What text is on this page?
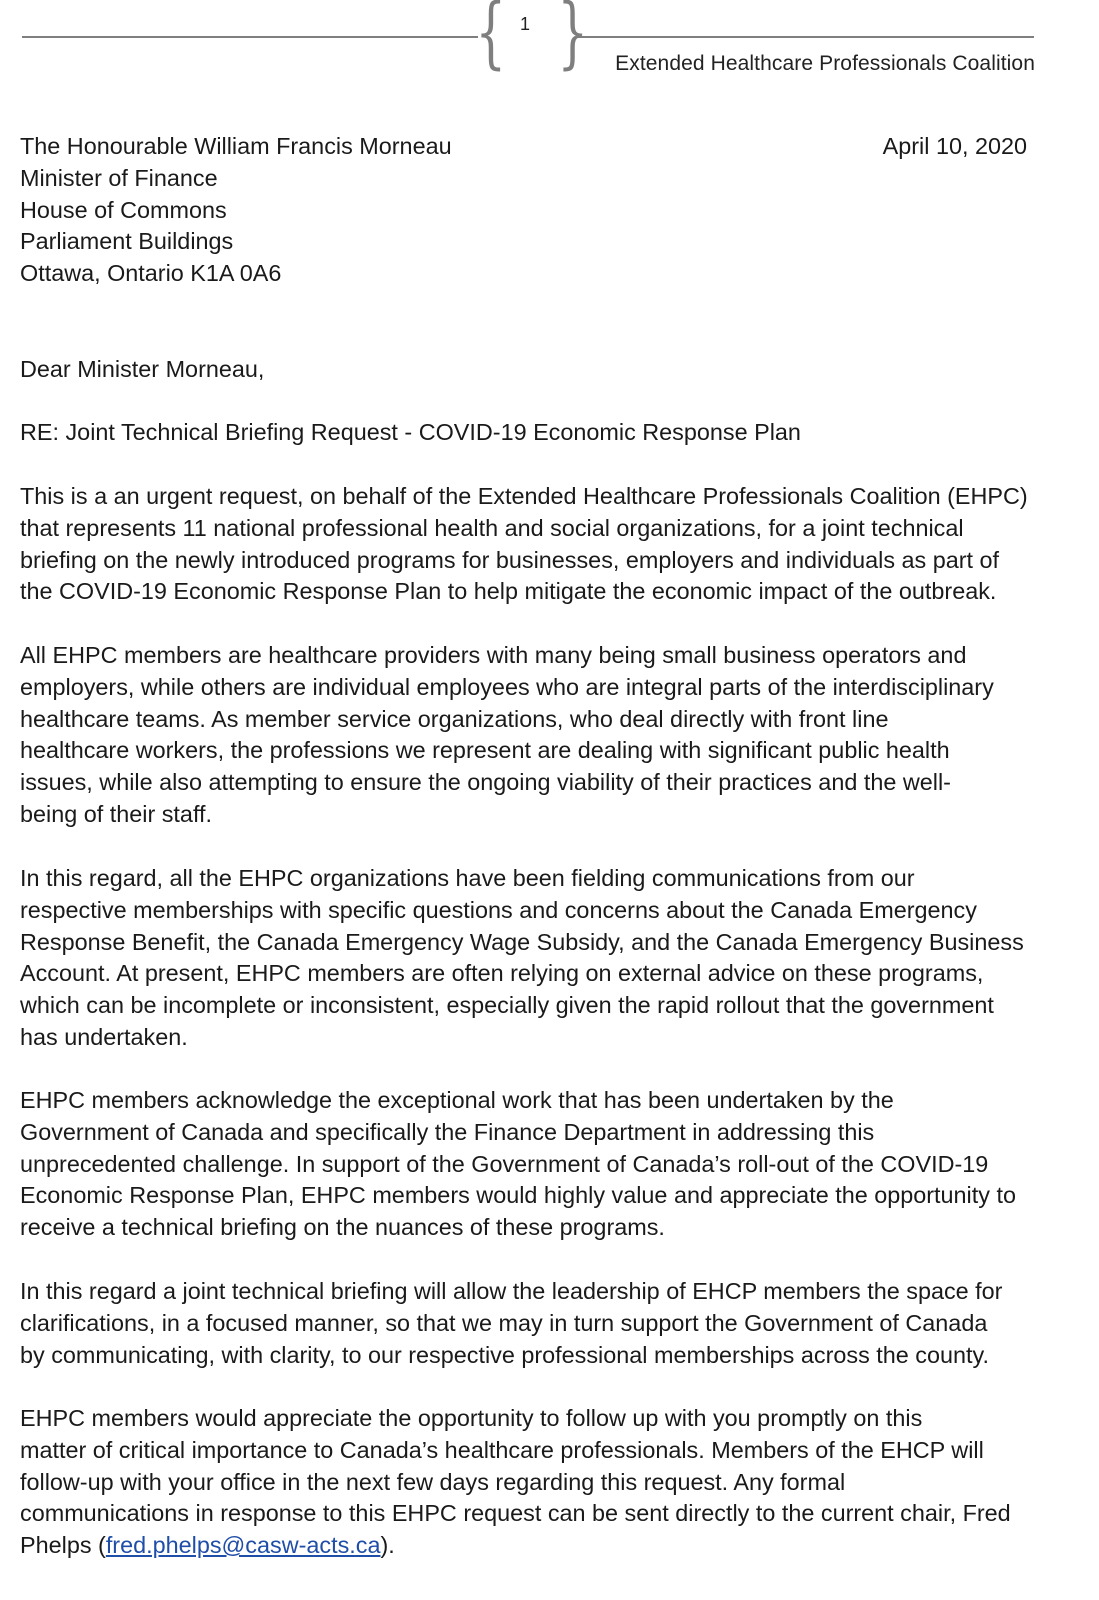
{ }
1
Extended Healthcare Professionals Coalition
The Honourable William Francis Morneau
Minister of Finance
House of Commons
Parliament Buildings
Ottawa, Ontario K1A 0A6
April 10, 2020
Dear Minister Morneau,
RE: Joint Technical Briefing Request - COVID-19 Economic Response Plan
This is a an urgent request, on behalf of the Extended Healthcare Professionals Coalition (EHPC)
that represents 11 national professional health and social organizations, for a joint technical
briefing on the newly introduced programs for businesses, employers and individuals as part of
the COVID-19 Economic Response Plan to help mitigate the economic impact of the outbreak.
All EHPC members are healthcare providers with many being small business operators and
employers, while others are individual employees who are integral parts of the interdisciplinary
healthcare teams. As member service organizations, who deal directly with front line
healthcare workers, the professions we represent are dealing with significant public health
issues, while also attempting to ensure the ongoing viability of their practices and the well-
being of their staff.
In this regard, all the EHPC organizations have been fielding communications from our
respective memberships with specific questions and concerns about the Canada Emergency
Response Benefit, the Canada Emergency Wage Subsidy, and the Canada Emergency Business
Account. At present, EHPC members are often relying on external advice on these programs,
which can be incomplete or inconsistent, especially given the rapid rollout that the government
has undertaken.
EHPC members acknowledge the exceptional work that has been undertaken by the
Government of Canada and specifically the Finance Department in addressing this
unprecedented challenge. In support of the Government of Canada’s roll-out of the COVID-19
Economic Response Plan, EHPC members would highly value and appreciate the opportunity to
receive a technical briefing on the nuances of these programs.
In this regard a joint technical briefing will allow the leadership of EHCP members the space for
clarifications, in a focused manner, so that we may in turn support the Government of Canada
by communicating, with clarity, to our respective professional memberships across the county.
EHPC members would appreciate the opportunity to follow up with you promptly on this
matter of critical importance to Canada’s healthcare professionals. Members of the EHCP will
follow-up with your office in the next few days regarding this request. Any formal
communications in response to this EHPC request can be sent directly to the current chair, Fred
Phelps (fred.phelps@casw-acts.ca).
